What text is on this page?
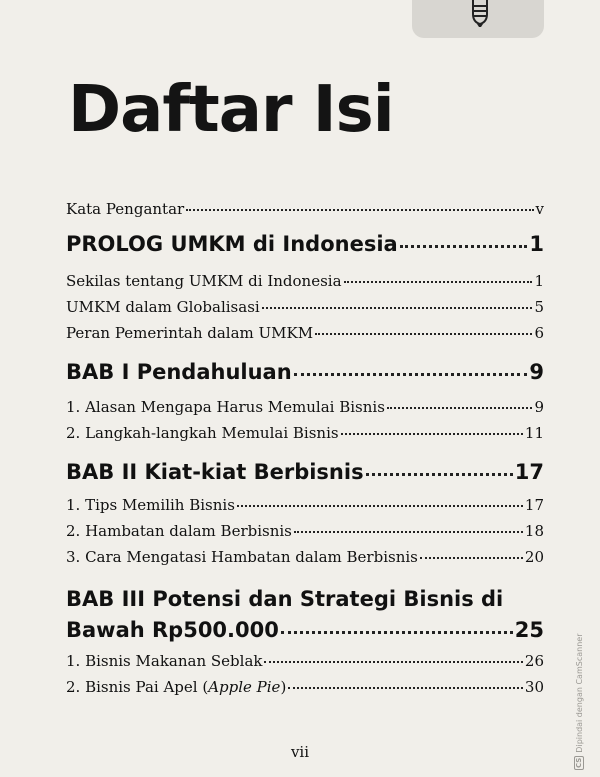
Daftar Isi
Kata Pengantar	v
PROLOG UMKM di Indonesia	1
Sekilas tentang UMKM di Indonesia	1
UMKM dalam Globalisasi	5
Peran Pemerintah dalam UMKM	6
BAB I Pendahuluan	9
1. Alasan Mengapa Harus Memulai Bisnis	9
2. Langkah-langkah Memulai Bisnis	11
BAB II Kiat-kiat Berbisnis	17
1. Tips Memilih Bisnis	17
2. Hambatan dalam Berbisnis	18
3. Cara Mengatasi Hambatan dalam Berbisnis	20
BAB III Potensi dan Strategi Bisnis di
Bawah Rp500.000	25
1. Bisnis Makanan Seblak	26
2. Bisnis Pai Apel (Apple Pie)	30
vii
CS
Dipindai dengan CamScanner
